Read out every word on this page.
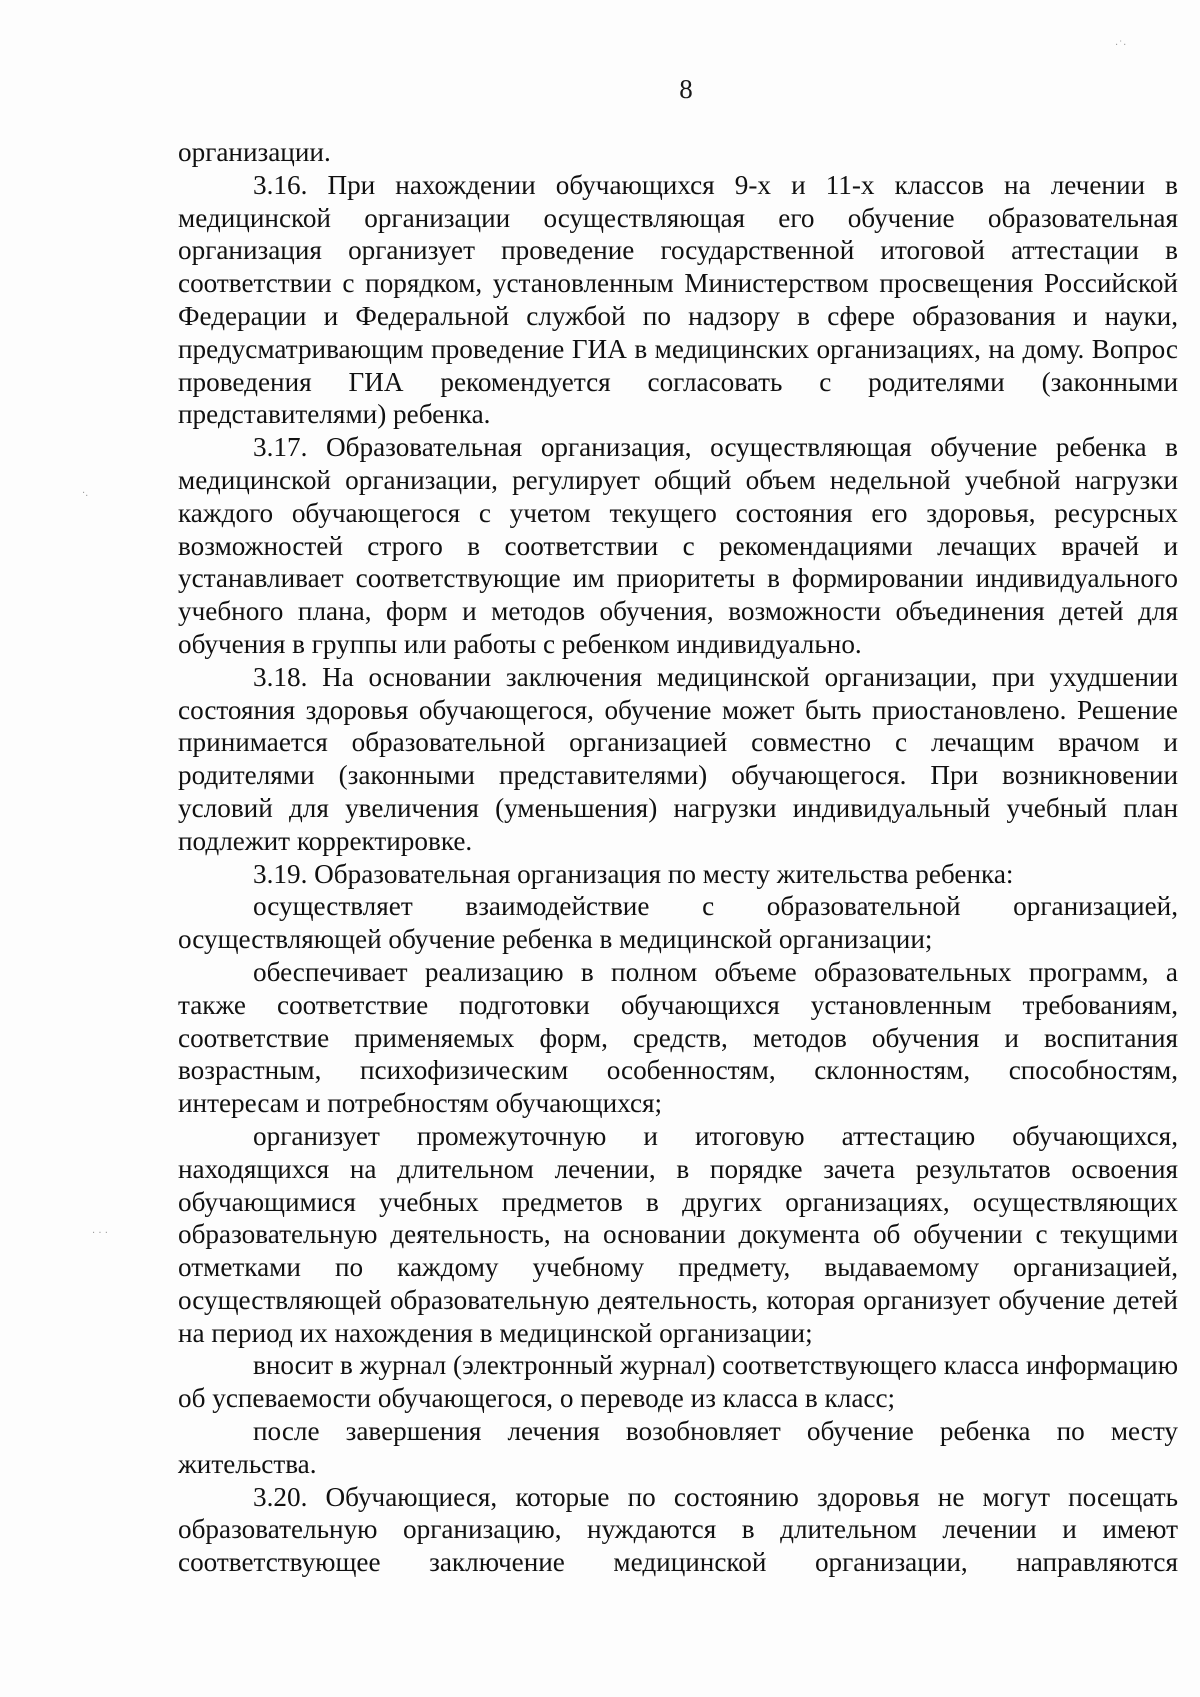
8

организации.

3.16. При нахождении обучающихся 9-х и 11-х классов на лечении в медицинской организации осуществляющая его обучение образовательная организация организует проведение государственной итоговой аттестации в соответствии с порядком, установленным Министерством просвещения Российской Федерации и Федеральной службой по надзору в сфере образования и науки, предусматривающим проведение ГИА в медицинских организациях, на дому. Вопрос проведения ГИА рекомендуется согласовать с родителями (законными представителями) ребенка.

3.17. Образовательная организация, осуществляющая обучение ребенка в медицинской организации, регулирует общий объем недельной учебной нагрузки каждого обучающегося с учетом текущего состояния его здоровья, ресурсных возможностей строго в соответствии с рекомендациями лечащих врачей и устанавливает соответствующие им приоритеты в формировании индивидуального учебного плана, форм и методов обучения, возможности объединения детей для обучения в группы или работы с ребенком индивидуально.

3.18. На основании заключения медицинской организации, при ухудшении состояния здоровья обучающегося, обучение может быть приостановлено. Решение принимается образовательной организацией совместно с лечащим врачом и родителями (законными представителями) обучающегося. При возникновении условий для увеличения (уменьшения) нагрузки индивидуальный учебный план подлежит корректировке.

3.19. Образовательная организация по месту жительства ребенка:

осуществляет взаимодействие с образовательной организацией, осуществляющей обучение ребенка в медицинской организации;

обеспечивает реализацию в полном объеме образовательных программ, а также соответствие подготовки обучающихся установленным требованиям, соответствие применяемых форм, средств, методов обучения и воспитания возрастным, психофизическим особенностям, склонностям, способностям, интересам и потребностям обучающихся;

организует промежуточную и итоговую аттестацию обучающихся, находящихся на длительном лечении, в порядке зачета результатов освоения обучающимися учебных предметов в других организациях, осуществляющих образовательную деятельность, на основании документа об обучении с текущими отметками по каждому учебному предмету, выдаваемому организацией, осуществляющей образовательную деятельность, которая организует обучение детей на период их нахождения в медицинской организации;

вносит в журнал (электронный журнал) соответствующего класса информацию об успеваемости обучающегося, о переводе из класса в класс;

после завершения лечения возобновляет обучение ребенка по месту жительства.

3.20. Обучающиеся, которые по состоянию здоровья не могут посещать образовательную организацию, нуждаются в длительном лечении и имеют соответствующее заключение медицинской организации, направляются

·˙·
·.
· · ·
